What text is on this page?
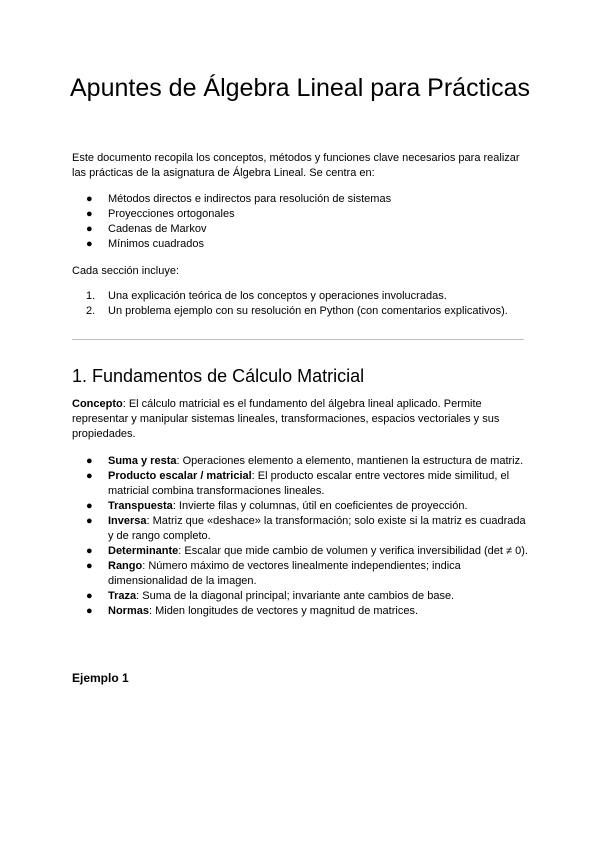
Apuntes de Álgebra Lineal para Prácticas

Este documento recopila los conceptos, métodos y funciones clave necesarios para realizar las prácticas de la asignatura de Álgebra Lineal. Se centra en:

● Métodos directos e indirectos para resolución de sistemas
● Proyecciones ortogonales
● Cadenas de Markov
● Mínimos cuadrados

Cada sección incluye:

1. Una explicación teórica de los conceptos y operaciones involucradas.
2. Un problema ejemplo con su resolución en Python (con comentarios explicativos).
1. Fundamentos de Cálculo Matricial

Concepto: El cálculo matricial es el fundamento del álgebra lineal aplicado. Permite representar y manipular sistemas lineales, transformaciones, espacios vectoriales y sus propiedades.

● Suma y resta: Operaciones elemento a elemento, mantienen la estructura de matriz.
● Producto escalar / matricial: El producto escalar entre vectores mide similitud, el matricial combina transformaciones lineales.
● Transpuesta: Invierte filas y columnas, útil en coeficientes de proyección.
● Inversa: Matriz que «deshace» la transformación; solo existe si la matriz es cuadrada y de rango completo.
● Determinante: Escalar que mide cambio de volumen y verifica inversibilidad (det ≠ 0).
● Rango: Número máximo de vectores linealmente independientes; indica dimensionalidad de la imagen.
● Traza: Suma de la diagonal principal; invariante ante cambios de base.
● Normas: Miden longitudes de vectores y magnitud de matrices.
Ejemplo 1
